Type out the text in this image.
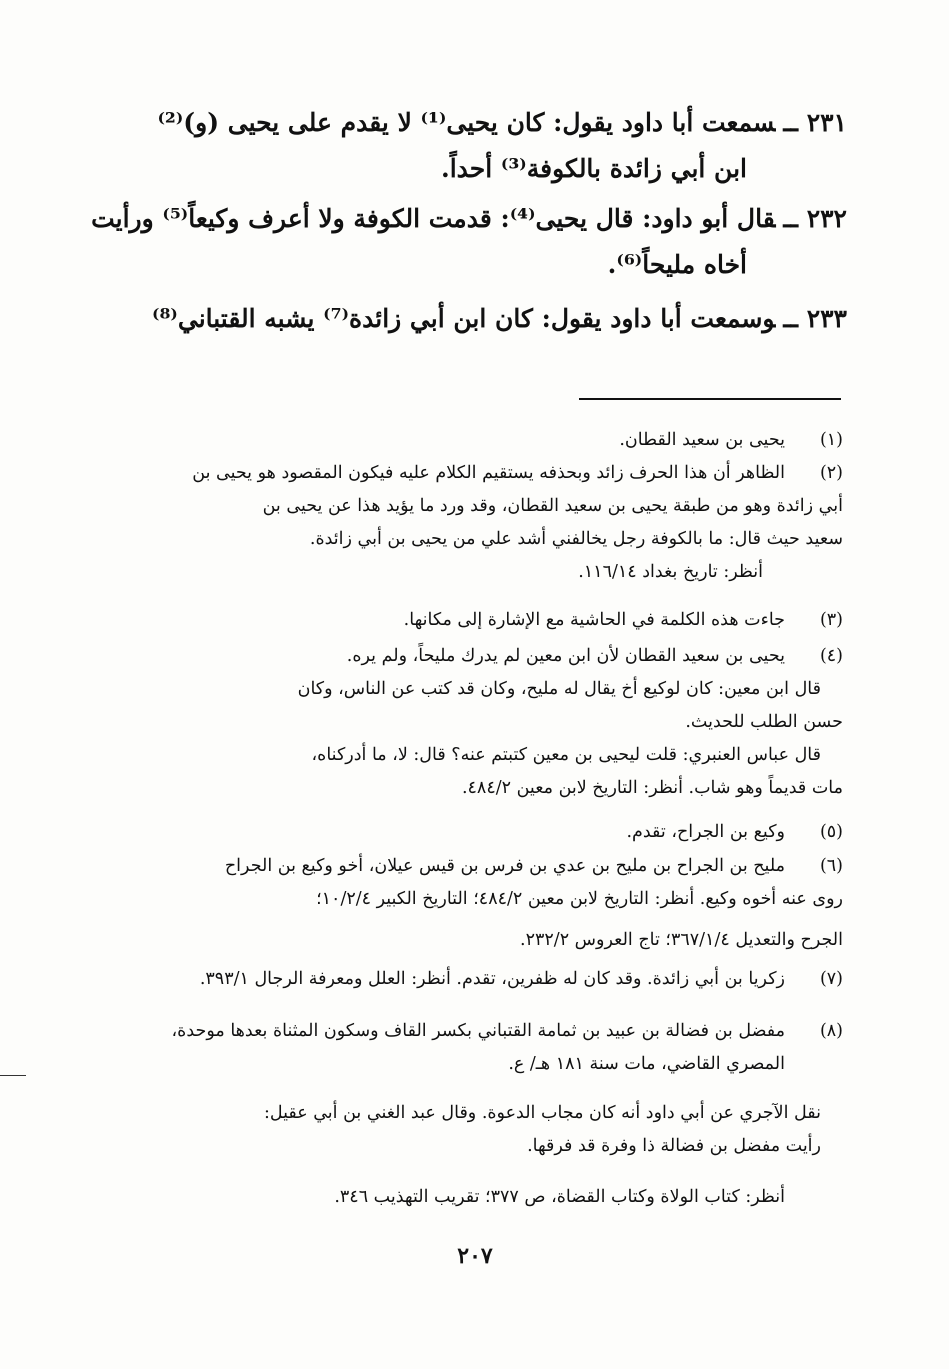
٢٣١ ــسمعت أبا داود يقول: كان يحيى⁽¹⁾ لا يقدم على يحيى (و)⁽²⁾
ابن أبي زائدة بالكوفة⁽³⁾ أحداً.
٢٣٢ ــقال أبو داود: قال يحيى⁽⁴⁾: قدمت الكوفة ولا أعرف وكيعاً⁽⁵⁾ ورأيت
أخاه مليحاً⁽⁶⁾.
٢٣٣ ــوسمعت أبا داود يقول: كان ابن أبي زائدة⁽⁷⁾ يشبه القتباني⁽⁸⁾
(١)
يحيى بن سعيد القطان.
(٢)
الظاهر أن هذا الحرف زائد وبحذفه يستقيم الكلام عليه فيكون المقصود هو يحيى بن
أبي زائدة وهو من طبقة يحيى بن سعيد القطان، وقد ورد ما يؤيد هذا عن يحيى بن
سعيد حيث قال: ما بالكوفة رجل يخالفني أشد علي من يحيى بن أبي زائدة.
أنظر: تاريخ بغداد ١١٦/١٤.
(٣)
جاءت هذه الكلمة في الحاشية مع الإشارة إلى مكانها.
(٤)
يحيى بن سعيد القطان لأن ابن معين لم يدرك مليحاً، ولم يره.
قال ابن معين: كان لوكيع أخ يقال له مليح، وكان قد كتب عن الناس، وكان
حسن الطلب للحديث.
قال عباس العنبري: قلت ليحيى بن معين كتبتم عنه؟ قال: لا، ما أدركناه،
مات قديماً وهو شاب. أنظر: التاريخ لابن معين ٤٨٤/٢.
(٥)
وكيع بن الجراح، تقدم.
(٦)
مليح بن الجراح بن مليح بن عدي بن فرس بن قيس عيلان، أخو وكيع بن الجراح
روى عنه أخوه وكيع. أنظر: التاريخ لابن معين ٤٨٤/٢؛ التاريخ الكبير ١٠/٢/٤؛
الجرح والتعديل ٣٦٧/١/٤؛ تاج العروس ٢٣٢/٢.
(٧)
زكريا بن أبي زائدة. وقد كان له ظفرين، تقدم. أنظر: العلل ومعرفة الرجال ٣٩٣/١.
(٨)
مفضل بن فضالة بن عبيد بن ثمامة القتباني بكسر القاف وسكون المثناة بعدها موحدة،
المصري القاضي، مات سنة ١٨١ هـ/ ع.
نقل الآجري عن أبي داود أنه كان مجاب الدعوة. وقال عبد الغني بن أبي عقيل:
رأيت مفضل بن فضالة ذا وفرة قد فرقها.
أنظر: كتاب الولاة وكتاب القضاة، ص ٣٧٧؛ تقريب التهذيب ٣٤٦.
٢٠٧
